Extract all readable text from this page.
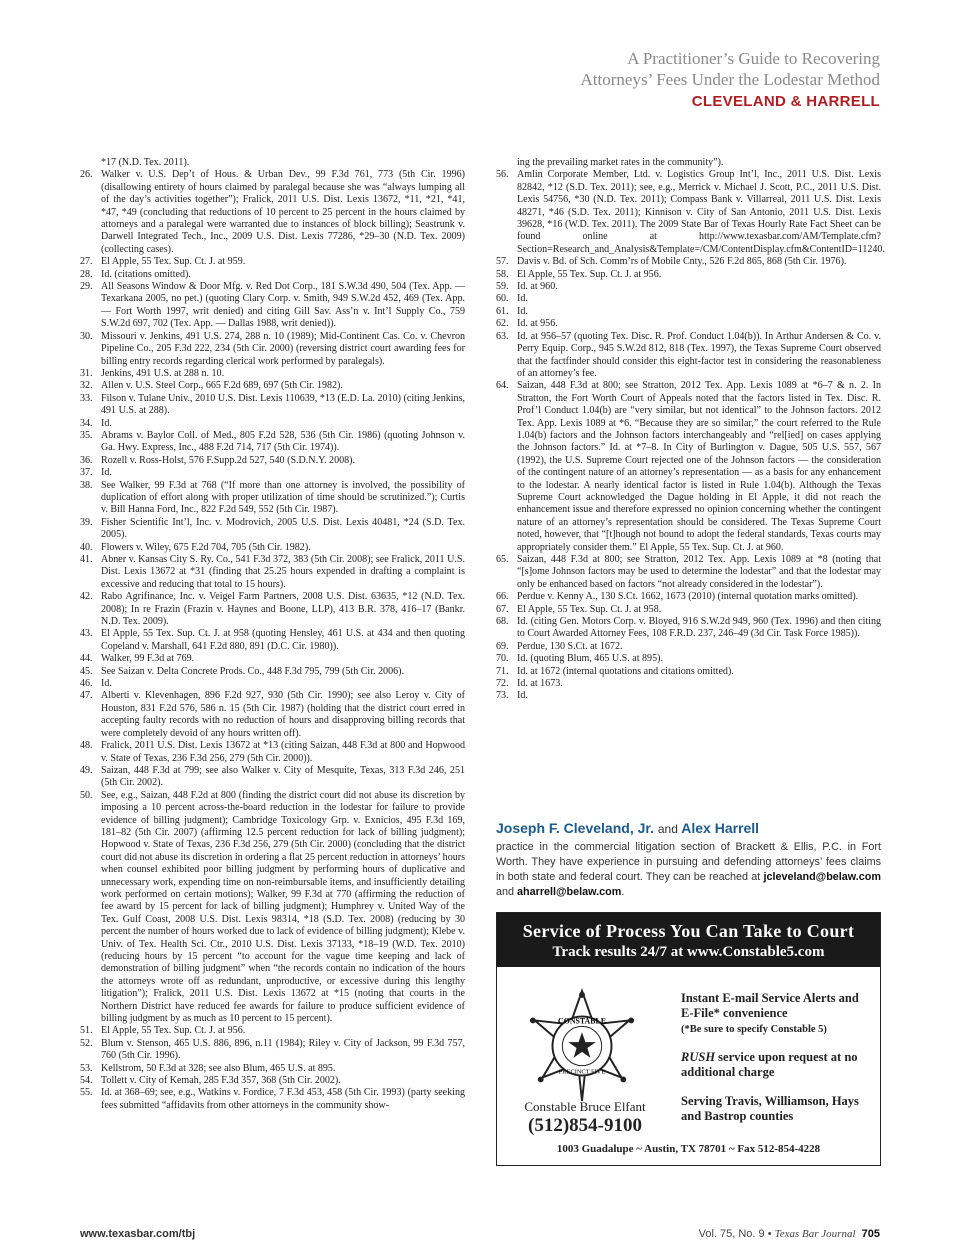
A Practitioner’s Guide to Recovering
Attorneys’ Fees Under the Lodestar Method
CLEVELAND & HARRELL

*17 (N.D. Tex. 2011).

26. Walker v. U.S. Dep’t of Hous. & Urban Dev., 99 F.3d 761, 773 (5th Cir. 1996) (disallowing entirety of hours claimed by paralegal because she was “always lumping all of the day’s activities together”); Fralick, 2011 U.S. Dist. Lexis 13672, *11, *21, *41, *47, *49 (concluding that reductions of 10 percent to 25 percent in the hours claimed by attorneys and a paralegal were warranted due to instances of block billing); Seastrunk v. Darwell Integrated Tech., Inc., 2009 U.S. Dist. Lexis 77286, *29–30 (N.D. Tex. 2009) (collecting cases).

27. El Apple, 55 Tex. Sup. Ct. J. at 959.

28. Id. (citations omitted).

29. All Seasons Window & Door Mfg. v. Red Dot Corp., 181 S.W.3d 490, 504 (Tex. App. — Texarkana 2005, no pet.) (quoting Clary Corp. v. Smith, 949 S.W.2d 452, 469 (Tex. App. — Fort Worth 1997, writ denied) and citing Gill Sav. Ass’n v. Int’l Supply Co., 759 S.W.2d 697, 702 (Tex. App. — Dallas 1988, writ denied)).

30. Missouri v. Jenkins, 491 U.S. 274, 288 n. 10 (1989); Mid-Continent Cas. Co. v. Chevron Pipeline Co., 205 F.3d 222, 234 (5th Cir. 2000) (reversing district court awarding fees for billing entry records regarding clerical work performed by paralegals).

31. Jenkins, 491 U.S. at 288 n. 10.

32. Allen v. U.S. Steel Corp., 665 F.2d 689, 697 (5th Cir. 1982).

33. Filson v. Tulane Univ., 2010 U.S. Dist. Lexis 110639, *13 (E.D. La. 2010) (citing Jenkins, 491 U.S. at 288).

34. Id.

35. Abrams v. Baylor Coll. of Med., 805 F.2d 528, 536 (5th Cir. 1986) (quoting Johnson v. Ga. Hwy. Express, Inc., 488 F.2d 714, 717 (5th Cir. 1974)).

36. Rozell v. Ross-Holst, 576 F.Supp.2d 527, 540 (S.D.N.Y. 2008).

37. Id.

38. See Walker, 99 F.3d at 768 (“If more than one attorney is involved, the possibility of duplication of effort along with proper utilization of time should be scrutinized.”); Curtis v. Bill Hanna Ford, Inc., 822 F.2d 549, 552 (5th Cir. 1987).

39. Fisher Scientific Int’l, Inc. v. Modrovich, 2005 U.S. Dist. Lexis 40481, *24 (S.D. Tex. 2005).

40. Flowers v. Wiley, 675 F.2d 704, 705 (5th Cir. 1982).

41. Abner v. Kansas City S. Ry. Co., 541 F.3d 372, 383 (5th Cir. 2008); see Fralick, 2011 U.S. Dist. Lexis 13672 at *31 (finding that 25.25 hours expended in drafting a complaint is excessive and reducing that total to 15 hours).

42. Rabo Agrifinance, Inc. v. Veigel Farm Partners, 2008 U.S. Dist. 63635, *12 (N.D. Tex. 2008); In re Frazin (Frazin v. Haynes and Boone, LLP), 413 B.R. 378, 416–17 (Bankr. N.D. Tex. 2009).

43. El Apple, 55 Tex. Sup. Ct. J. at 958 (quoting Hensley, 461 U.S. at 434 and then quoting Copeland v. Marshall, 641 F.2d 880, 891 (D.C. Cir. 1980)).

44. Walker, 99 F.3d at 769.

45. See Saizan v. Delta Concrete Prods. Co., 448 F.3d 795, 799 (5th Cir. 2006).

46. Id.

47. Alberti v. Klevenhagen, 896 F.2d 927, 930 (5th Cir. 1990); see also Leroy v. City of Houston, 831 F.2d 576, 586 n. 15 (5th Cir. 1987) (holding that the district court erred in accepting faulty records with no reduction of hours and disapproving billing records that were completely devoid of any hours written off).

48. Fralick, 2011 U.S. Dist. Lexis 13672 at *13 (citing Saizan, 448 F.3d at 800 and Hopwood v. State of Texas, 236 F.3d 256, 279 (5th Cir. 2000)).

49. Saizan, 448 F.3d at 799; see also Walker v. City of Mesquite, Texas, 313 F.3d 246, 251 (5th Cir. 2002).

50. See, e.g., Saizan, 448 F.2d at 800 (finding the district court did not abuse its discretion by imposing a 10 percent across-the-board reduction in the lodestar for failure to provide evidence of billing judgment); Cambridge Toxicology Grp. v. Exnicios, 495 F.3d 169, 181–82 (5th Cir. 2007) (affirming 12.5 percent reduction for lack of billing judgment); Hopwood v. State of Texas, 236 F.3d 256, 279 (5th Cir. 2000) (concluding that the district court did not abuse its discretion in ordering a flat 25 percent reduction in attorneys’ hours when counsel exhibited poor billing judgment by performing hours of duplicative and unnecessary work, expending time on non-reimbursable items, and insufficiently detailing work performed on certain motions); Walker, 99 F.3d at 770 (affirming the reduction of fee award by 15 percent for lack of billing judgment); Humphrey v. United Way of the Tex. Gulf Coast, 2008 U.S. Dist. Lexis 98314, *18 (S.D. Tex. 2008) (reducing by 30 percent the number of hours worked due to lack of evidence of billing judgment); Klebe v. Univ. of Tex. Health Sci. Ctr., 2010 U.S. Dist. Lexis 37133, *18–19 (W.D. Tex. 2010) (reducing hours by 15 percent “to account for the vague time keeping and lack of demonstration of billing judgment” when “the records contain no indication of the hours the attorneys wrote off as redundant, unproductive, or excessive during this lengthy litigation”); Fralick, 2011 U.S. Dist. Lexis 13672 at *15 (noting that courts in the Northern District have reduced fee awards for failure to produce sufficient evidence of billing judgment by as much as 10 percent to 15 percent).

51. El Apple, 55 Tex. Sup. Ct. J. at 956.

52. Blum v. Stenson, 465 U.S. 886, 896, n.11 (1984); Riley v. City of Jackson, 99 F.3d 757, 760 (5th Cir. 1996).

53. Kellstrom, 50 F.3d at 328; see also Blum, 465 U.S. at 895.

54. Tollett v. City of Kemah, 285 F.3d 357, 368 (5th Cir. 2002).

55. Id. at 368–69; see, e.g., Watkins v. Fordice, 7 F.3d 453, 458 (5th Cir. 1993) (party seeking fees submitted “affidavits from other attorneys in the community show-

ing the prevailing market rates in the community”).

56. Amlin Corporate Member, Ltd. v. Logistics Group Int’l, Inc., 2011 U.S. Dist. Lexis 82842, *12 (S.D. Tex. 2011); see, e.g., Merrick v. Michael J. Scott, P.C., 2011 U.S. Dist. Lexis 54756, *30 (N.D. Tex. 2011); Compass Bank v. Villarreal, 2011 U.S. Dist. Lexis 48271, *46 (S.D. Tex. 2011); Kinnison v. City of San Antonio, 2011 U.S. Dist. Lexis 39628, *16 (W.D. Tex. 2011). The 2009 State Bar of Texas Hourly Rate Fact Sheet can be found online at http://www.texasbar.com/AM/Template.cfm?Section=Research_and_Analysis&Template=/CM/ContentDisplay.cfm&ContentID=11240.

57. Davis v. Bd. of Sch. Comm’rs of Mobile Cnty., 526 F.2d 865, 868 (5th Cir. 1976).

58. El Apple, 55 Tex. Sup. Ct. J. at 956.

59. Id. at 960.

60. Id.

61. Id.

62. Id. at 956.

63. Id. at 956–57 (quoting Tex. Disc. R. Prof. Conduct 1.04(b)). In Arthur Andersen & Co. v. Perry Equip. Corp., 945 S.W.2d 812, 818 (Tex. 1997), the Texas Supreme Court observed that the factfinder should consider this eight-factor test in considering the reasonableness of an attorney’s fee.

64. Saizan, 448 F.3d at 800; see Stratton, 2012 Tex. App. Lexis 1089 at *6–7 & n. 2. In Stratton, the Fort Worth Court of Appeals noted that the factors listed in Tex. Disc. R. Prof’l Conduct 1.04(b) are “very similar, but not identical” to the Johnson factors. 2012 Tex. App. Lexis 1089 at *6. “Because they are so similar,” the court referred to the Rule 1.04(b) factors and the Johnson factors interchangeably and “rel[ied] on cases applying the Johnson factors.” Id. at *7–8. In City of Burlington v. Dague, 505 U.S. 557, 567 (1992), the U.S. Supreme Court rejected one of the Johnson factors — the consideration of the contingent nature of an attorney’s representation — as a basis for any enhancement to the lodestar. A nearly identical factor is listed in Rule 1.04(b). Although the Texas Supreme Court acknowledged the Dague holding in El Apple, it did not reach the enhancement issue and therefore expressed no opinion concerning whether the contingent nature of an attorney’s representation should be considered. The Texas Supreme Court noted, however, that “[t]hough not bound to adopt the federal standards, Texas courts may appropriately consider them.” El Apple, 55 Tex. Sup. Ct. J. at 960.

65. Saizan, 448 F.3d at 800; see Stratton, 2012 Tex. App. Lexis 1089 at *8 (noting that “[s]ome Johnson factors may be used to determine the lodestar” and that the lodestar may only be enhanced based on factors “not already considered in the lodestar”).

66. Perdue v. Kenny A., 130 S.Ct. 1662, 1673 (2010) (internal quotation marks omitted).

67. El Apple, 55 Tex. Sup. Ct. J. at 958.

68. Id. (citing Gen. Motors Corp. v. Bloyed, 916 S.W.2d 949, 960 (Tex. 1996) and then citing to Court Awarded Attorney Fees, 108 F.R.D. 237, 246–49 (3d Cir. Task Force 1985)).

69. Perdue, 130 S.Ct. at 1672.

70. Id. (quoting Blum, 465 U.S. at 895).

71. Id. at 1672 (internal quotations and citations omitted).

72. Id. at 1673.

73. Id.

Joseph F. Cleveland, Jr. and Alex Harrell
practice in the commercial litigation section of Brackett & Ellis, P.C. in Fort Worth. They have experience in pursuing and defending attorneys’ fees claims in both state and federal court. They can be reached at jcleveland@belaw.com and aharrell@belaw.com.
Service of Process You Can Take to Court
Track results 24/7 at www.Constable5.com
CONSTABLE
PRECINCT FIVE
Constable Bruce Elfant
(512)854-9100
Instant E-mail Service Alerts and E-File* convenience
(*Be sure to specify Constable 5)
RUSH service upon request at no additional charge
Serving Travis, Williamson, Hays and Bastrop counties
1003 Guadalupe ~ Austin, TX 78701 ~ Fax 512-854-4228
www.texasbar.com/tbj	Vol. 75, No. 9 • Texas Bar Journal 705
